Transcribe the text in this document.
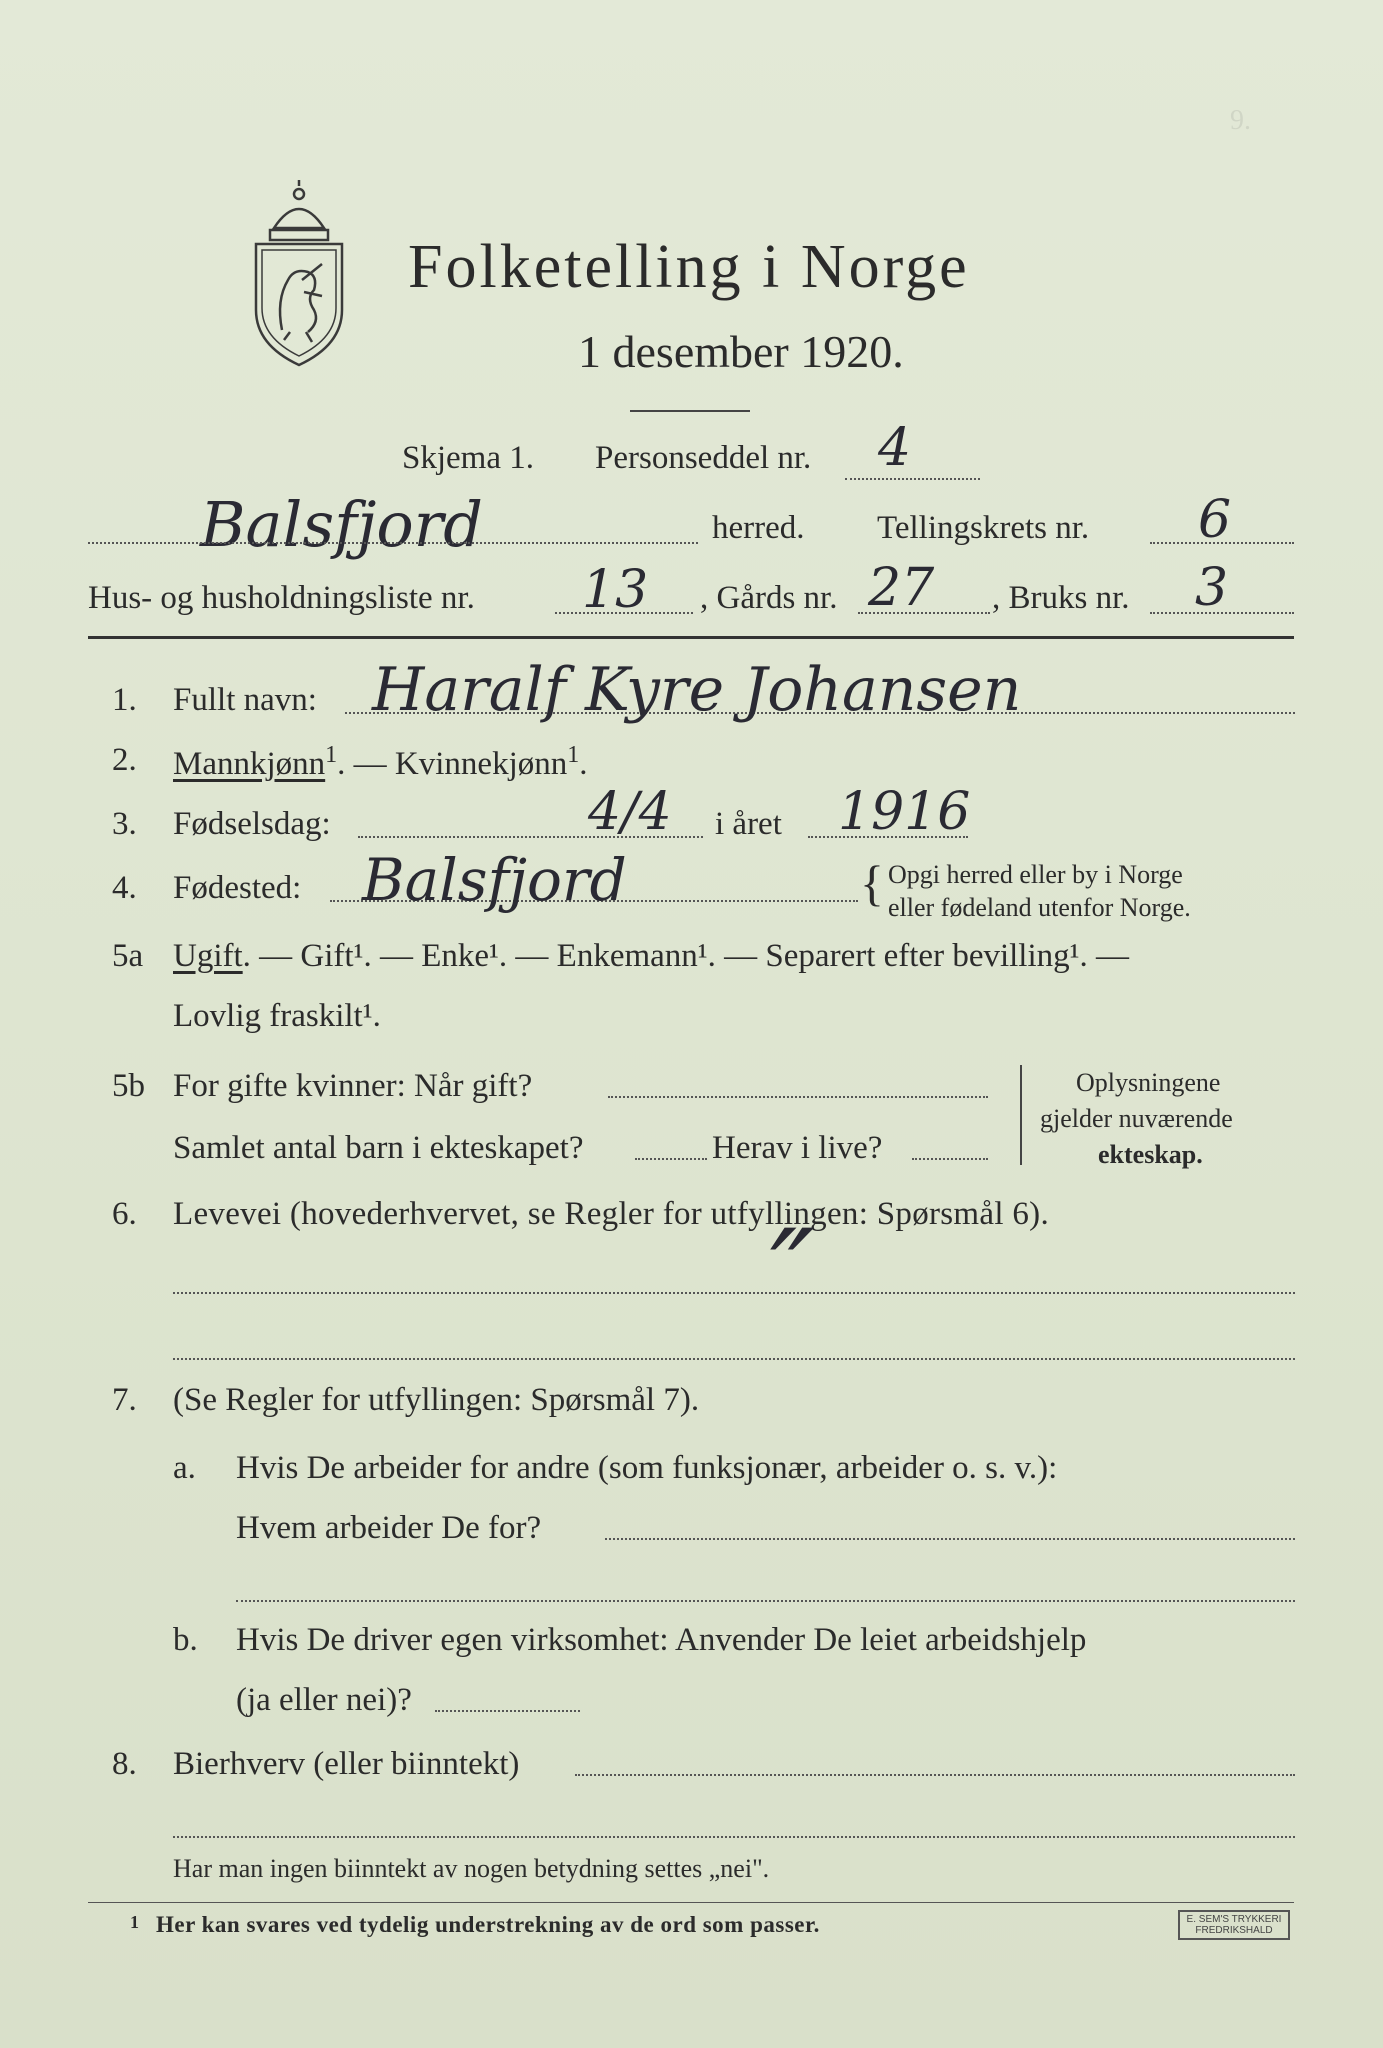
9.
Folketelling i Norge
1 desember 1920.
Skjema 1. Personseddel nr. 4
Balsfjord	herred. Tellingskrets nr. 6
Hus- og husholdningsliste nr. 13 , Gårds nr. 27 , Bruks nr. 3
1. Fullt navn: Haralf Kyre Johansen
2. Mannkjønn$^1$. — Kvinnekjønn$^1$.
3. Fødselsdag:	4/4 i året 1916
4. Fødested: Balsfjord	{ Opgi herred eller by i Norge
eller fødeland utenfor Norge.
5a Ugift. — Gift¹. — Enke¹. — Enkemann¹. — Separert efter bevilling¹. —
Lovlig fraskilt¹.
5b For gifte kvinner: Når gift?
Samlet antal barn i ekteskapet?	Herav i live?
Oplysningene
gjelder nuværende
ekteskap.
6. Levevei (hovederhvervet, se Regler for utfyllingen: Spørsmål 6).
″
7. (Se Regler for utfyllingen: Spørsmål 7).
a. Hvis De arbeider for andre (som funksjonær, arbeider o. s. v.):
Hvem arbeider De for?
b. Hvis De driver egen virksomhet: Anvender De leiet arbeidshjelp
(ja eller nei)?
8. Bierhverv (eller biinntekt)
Har man ingen biinntekt av nogen betydning settes „nei".
1 Her kan svares ved tydelig understrekning av de ord som passer.	E. SEM'S TRYKKERI FREDRIKSHALD
